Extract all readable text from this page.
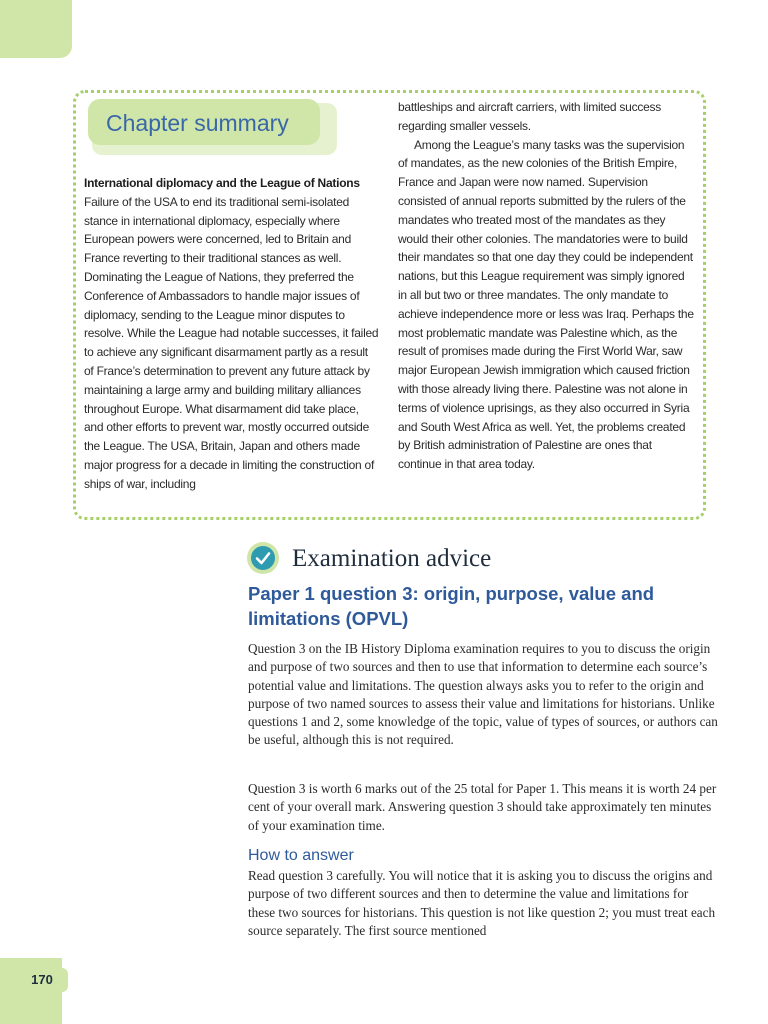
Chapter summary

International diplomacy and the League of Nations

Failure of the USA to end its traditional semi-isolated stance in international diplomacy, especially where European powers were concerned, led to Britain and France reverting to their traditional stances as well. Dominating the League of Nations, they preferred the Conference of Ambassadors to handle major issues of diplomacy, sending to the League minor disputes to resolve. While the League had notable successes, it failed to achieve any significant disarmament partly as a result of France’s determination to prevent any future attack by maintaining a large army and building military alliances throughout Europe. What disarmament did take place, and other efforts to prevent war, mostly occurred outside the League. The USA, Britain, Japan and others made major progress for a decade in limiting the construction of ships of war, including

battleships and aircraft carriers, with limited success regarding smaller vessels.

Among the League’s many tasks was the supervision of mandates, as the new colonies of the British Empire, France and Japan were now named. Supervision consisted of annual reports submitted by the rulers of the mandates who treated most of the mandates as they would their other colonies. The mandatories were to build their mandates so that one day they could be independent nations, but this League requirement was simply ignored in all but two or three mandates. The only mandate to achieve independence more or less was Iraq. Perhaps the most problematic mandate was Palestine which, as the result of promises made during the First World War, saw major European Jewish immigration which caused friction with those already living there. Palestine was not alone in terms of violence uprisings, as they also occurred in Syria and South West Africa as well. Yet, the problems created by British administration of Palestine are ones that continue in that area today.

Examination advice
Paper 1 question 3: origin, purpose, value and limitations (OPVL)

Question 3 on the IB History Diploma examination requires to you to discuss the origin and purpose of two sources and then to use that information to determine each source’s potential value and limitations. The question always asks you to refer to the origin and purpose of two named sources to assess their value and limitations for historians. Unlike questions 1 and 2, some knowledge of the topic, value of types of sources, or authors can be useful, although this is not required.

Question 3 is worth 6 marks out of the 25 total for Paper 1. This means it is worth 24 per cent of your overall mark. Answering question 3 should take approximately ten minutes of your examination time.

How to answer

Read question 3 carefully. You will notice that it is asking you to discuss the origins and purpose of two different sources and then to determine the value and limitations for these two sources for historians. This question is not like question 2; you must treat each source separately. The first source mentioned

170
